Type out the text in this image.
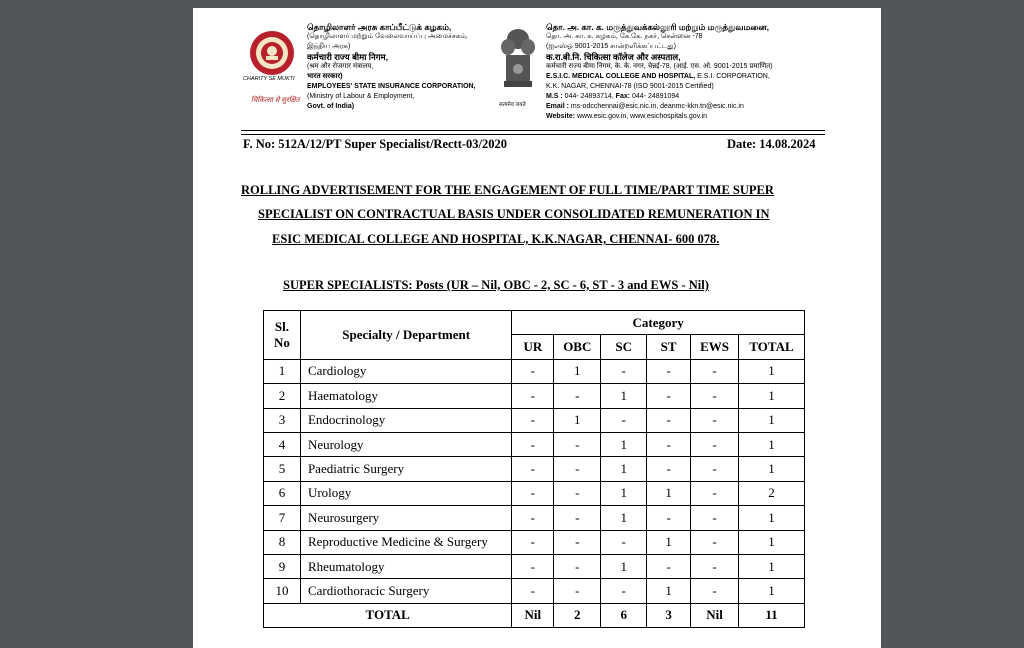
CHARITY SE MUKTI
चिकित्सा से सुरक्षित
தொழிலாளர் அரசு காப்பீட்டுக் கழகம்,
(தொழிலாளர் மற்றும் வேலைவாய்ப்பு அமைச்சகம்,
இந்திய அரசு)
कर्मचारी राज्य बीमा निगम,
(श्रम और रोजगार मंत्रालय,
भारत सरकार)
EMPLOYEES' STATE INSURANCE CORPORATION,
(Ministry of Labour & Employment,
Govt. of India)	सत्यमेव जयते
தொ. அ. கா. க. மருத்துவக்கல்லூரி மற்றும் மருத்துவமனை,
தொ. அ. கா. க. கழகம், கே.கே. நகர், சென்னை -78
(ஐஎஸ்ஓ 9001-2015 சான்றளிக்கப்பட்டது)
क.रा.बी.नि. चिकित्सा कॉलेज और अस्पताल,
कर्मचारी राज्य बीमा निगम, के. के. नगर, चेन्नई-78, (आई. एस. ओ. 9001-2015 प्रमाणित)
E.S.I.C. MEDICAL COLLEGE AND HOSPITAL, E.S.I. CORPORATION,
K.K. NAGAR, CHENNAI-78 (ISO 9001-2015 Certified)
M.S : 044- 24893714, Fax: 044- 24891094
Email : ms-odcchennai@esic.nic.in, deanmc-kkn.tn@esic.nic.in
Website: www.esic.gov.in, www.esichospitals.gov.in
F. No: 512A/12/PT Super Specialist/Rectt-03/2020	Date: 14.08.2024
ROLLING ADVERTISEMENT FOR THE ENGAGEMENT OF FULL TIME/PART TIME SUPER
SPECIALIST ON CONTRACTUAL BASIS UNDER CONSOLIDATED REMUNERATION IN
ESIC MEDICAL COLLEGE AND HOSPITAL, K.K.NAGAR, CHENNAI- 600 078.
SUPER SPECIALISTS: Posts (UR – Nil, OBC - 2, SC - 6, ST - 3 and EWS - Nil)
Sl.
No	Specialty / Department	Category					
		UR	OBC	SC	ST	EWS	TOTAL
1	Cardiology	-	1	-	-	-	1
2	Haematology	-	-	1	-	-	1
3	Endocrinology	-	1	-	-	-	1
4	Neurology	-	-	1	-	-	1
5	Paediatric Surgery	-	-	1	-	-	1
6	Urology	-	-	1	1	-	2
7	Neurosurgery	-	-	1	-	-	1
8	Reproductive Medicine & Surgery	-	-	-	1	-	1
9	Rheumatology	-	-	1	-	-	1
10	Cardiothoracic Surgery	-	-	-	1	-	1
TOTAL		Nil	2	6	3	Nil	11
